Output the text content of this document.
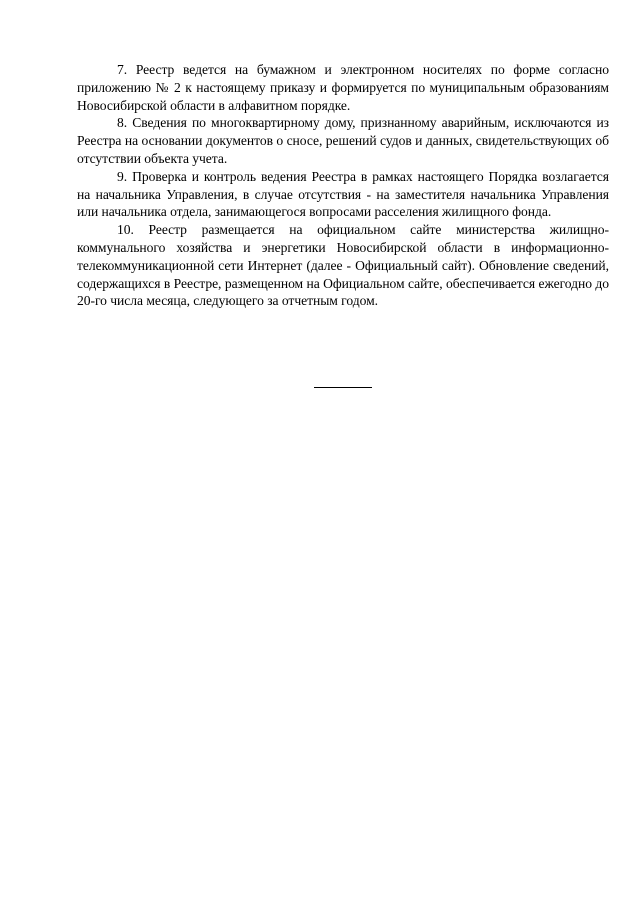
7. Реестр ведется на бумажном и электронном носителях по форме согласно приложению № 2 к настоящему приказу и формируется по муниципальным образованиям Новосибирской области в алфавитном порядке.

8. Сведения по многоквартирному дому, признанному аварийным, исключаются из Реестра на основании документов о сносе, решений судов и данных, свидетельствующих об отсутствии объекта учета.

9. Проверка и контроль ведения Реестра в рамках настоящего Порядка возлагается на начальника Управления, в случае отсутствия - на заместителя начальника Управления или начальника отдела, занимающегося вопросами расселения жилищного фонда.

10. Реестр размещается на официальном сайте министерства жилищно-коммунального хозяйства и энергетики Новосибирской области в информационно-телекоммуникационной сети Интернет (далее - Официальный сайт). Обновление сведений, содержащихся в Реестре, размещенном на Официальном сайте, обеспечивается ежегодно до 20-го числа месяца, следующего за отчетным годом.
